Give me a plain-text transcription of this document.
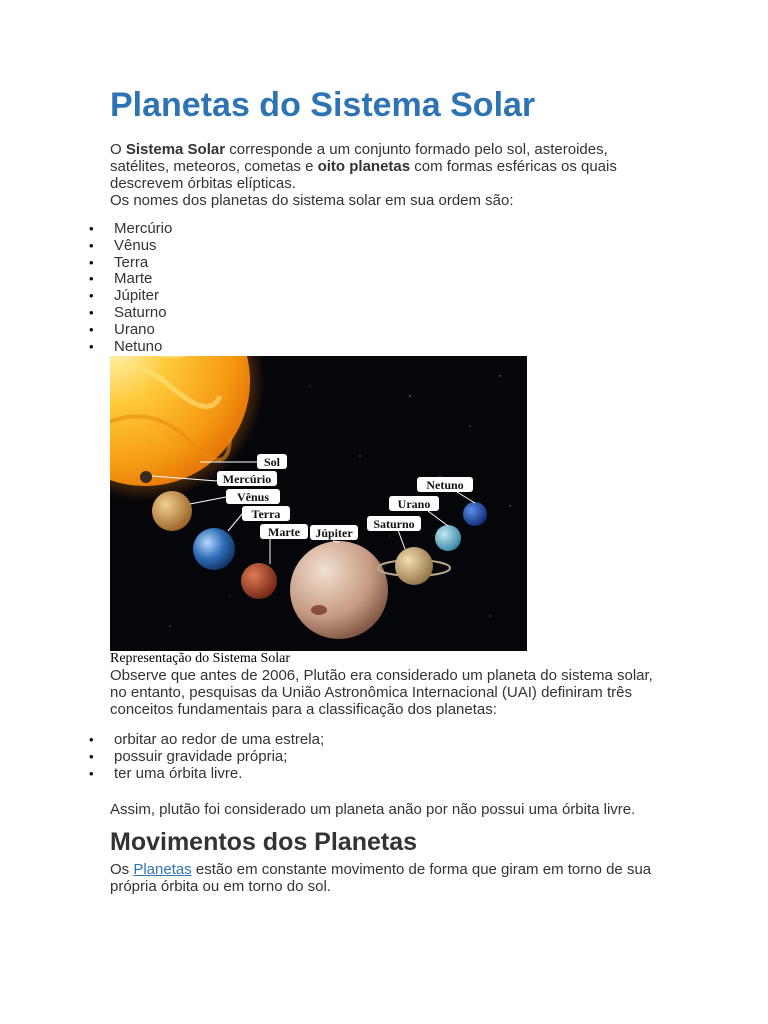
Planetas do Sistema Solar

O Sistema Solar corresponde a um conjunto formado pelo sol, asteroides, satélites, meteoros, cometas e oito planetas com formas esféricas os quais descrevem órbitas elípticas.

Os nomes dos planetas do sistema solar em sua ordem são:

• Mercúrio
• Vênus
• Terra
• Marte
• Júpiter
• Saturno
• Urano
• Netuno
Sol
Mercúrio
Vênus
Terra
Marte Júpiter
Saturno
Urano
Netuno

Representação do Sistema Solar

Observe que antes de 2006, Plutão era considerado um planeta do sistema solar, no entanto, pesquisas da União Astronômica Internacional (UAI) definiram três conceitos fundamentais para a classificação dos planetas:

• orbitar ao redor de uma estrela;
• possuir gravidade própria;
• ter uma órbita livre.

Assim, plutão foi considerado um planeta anão por não possui uma órbita livre.

Movimentos dos Planetas

Os Planetas estão em constante movimento de forma que giram em torno de sua própria órbita ou em torno do sol.
